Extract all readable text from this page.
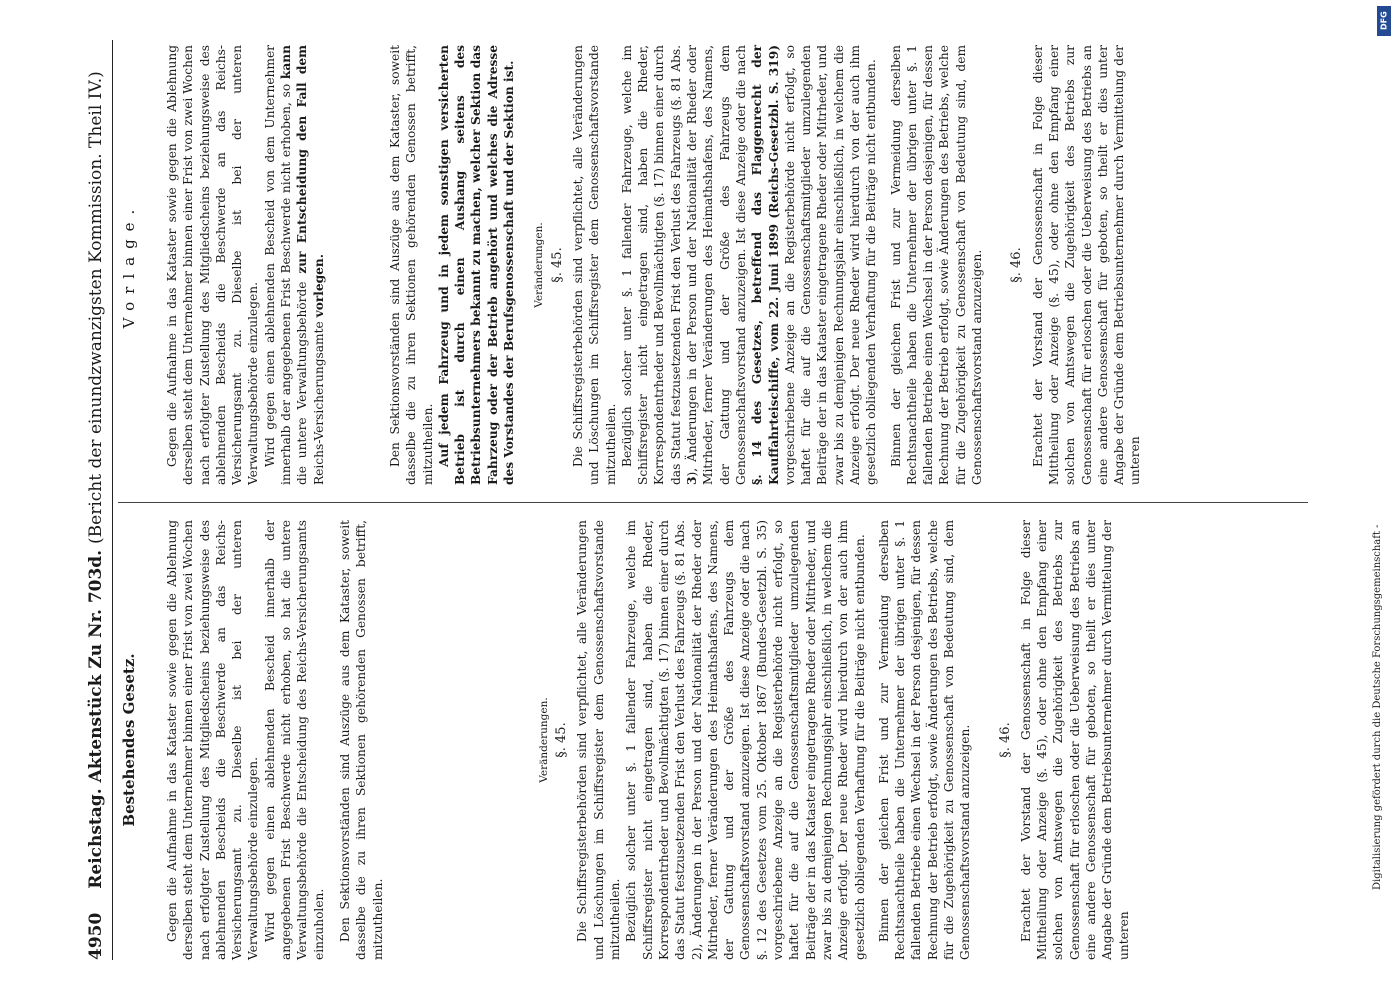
4950 Reichstag. Aktenstück Zu Nr. 703d. (Bericht der einundzwanzigsten Kommission. Theil IV.)
Bestehendes Gesetz. Gegen die Aufnahme in das Kataster sowie gegen die Ablehnung derselben steht dem Unternehmer binnen einer Frist von zwei Wochen nach erfolgter Zustellung des Mitgliedscheins beziehungsweise des ablehnenden Bescheids die Beschwerde an das Reichs-Versicherungsamt zu. Dieselbe ist bei der unteren Verwaltungsbehörde einzulegen. Wird gegen einen ablehnenden Bescheid innerhalb der angegebenen Frist Beschwerde nicht erhoben, so hat die untere Verwaltungsbehörde die Entscheidung des Reichs-Versicherungsamts einzuholen. Den Sektionsvorständen sind Auszüge aus dem Kataster, soweit dasselbe die zu ihren Sektionen gehörenden Genossen betrifft, mitzutheilen.

Veränderungen. §. 45. Die Schiffsregisterbehörden sind verpflichtet, alle Veränderungen und Löschungen im Schiffsregister dem Genossenschaftsvorstande mitzutheilen. Bezüglich solcher unter §. 1 fallender Fahrzeuge, welche im Schiffsregister nicht eingetragen sind, haben die Rheder, Korrespondentrheder und Bevollmächtigten (§. 17) binnen einer durch das Statut festzusetzenden Frist den Verlust des Fahrzeugs (§. 81 Abs. 2), Änderungen in der Person und der Nationalität der Rheder oder Mitrheder, ferner Veränderungen des Heimathshafens, des Namens, der Gattung und der Größe des Fahrzeugs dem Genossenschaftsvorstand anzuzeigen. Ist diese Anzeige oder die nach §. 12 des Gesetzes vom 25. Oktober 1867 (Bundes-Gesetzbl. S. 35) vorgeschriebene Anzeige an die Registerbehörde nicht erfolgt, so haftet für die auf die Genossenschaftsmitglieder umzulegenden Beiträge der in das Kataster eingetragene Rheder oder Mitrheder, und zwar bis zu demjenigen Rechnungsjahr einschließlich, in welchem die Anzeige erfolgt. Der neue Rheder wird hierdurch von der auch ihm gesetzlich obliegenden Verhaftung für die Beiträge nicht entbunden. Binnen der gleichen Frist und zur Vermeidung derselben Rechtsnachtheile haben die Unternehmer der übrigen unter §. 1 fallenden Betriebe einen Wechsel in der Person desjenigen, für dessen Rechnung der Betrieb erfolgt, sowie Änderungen des Betriebs, welche für die Zugehörigkeit zu Genossenschaft von Bedeutung sind, dem Genossenschaftsvorstand anzuzeigen. §. 46. Erachtet der Vorstand der Genossenschaft in Folge dieser Mittheilung oder Anzeige (§. 45), oder ohne den Empfang einer solchen von Amtswegen die Zugehörigkeit des Betriebs zur Genossenschaft für erloschen oder die Ueberweisung des Betriebs an eine andere Genossenschaft für geboten, so theilt er dies unter Angabe der Gründe dem Betriebsunternehmer durch Vermittelung der unteren

Vorlage. Gegen die Aufnahme in das Kataster sowie gegen die Ablehnung derselben steht dem Unternehmer binnen einer Frist von zwei Wochen nach erfolgter Zustellung des Mitgliedscheins beziehungsweise des ablehnenden Bescheids die Beschwerde an das Reichs-Versicherungsamt zu. Dieselbe ist bei der unteren Verwaltungsbehörde einzulegen. Wird gegen einen ablehnenden Bescheid von dem Unternehmer innerhalb der angegebenen Frist Beschwerde nicht erhoben, so kann die untere Verwaltungsbehörde zur Entscheidung den Fall dem Reichs-Versicherungsamte vorlegen.	Den Sektionsvorständen sind Auszüge aus dem Kataster, soweit dasselbe die zu ihren Sektionen gehörenden Genossen betrifft, mitzutheilen. Auf jedem Fahrzeug und in jedem sonstigen versicherten Betrieb ist durch einen Aushang seitens des Betriebsunternehmers bekannt zu machen, welcher Sektion das Fahrzeug oder der Betrieb angehört und welches die Adresse des Vorstandes der Berufsgenossenschaft und der Sektion ist. Veränderungen. §. 45. Die Schiffsregisterbehörden sind verpflichtet, alle Veränderungen und Löschungen im Schiffsregister dem Genossenschaftsvorstande mitzutheilen. Bezüglich solcher unter §. 1 fallender Fahrzeuge, welche im Schiffsregister nicht eingetragen sind, haben die Rheder, Korrespondentrheder und Bevollmächtigten (§. 17) binnen einer durch das Statut festzusetzenden Frist den Verlust des Fahrzeugs (§. 81 Abs. 3), Änderungen in der Person und der Nationalität der Rheder oder Mitrheder, ferner Veränderungen des Heimathshafens, des Namens, der Gattung und der Größe des Fahrzeugs dem Genossenschaftsvorstand anzuzeigen. Ist diese Anzeige oder die nach §. 14 des Gesetzes, betreffend das Flaggenrecht der Kauffahrteischiffe, vom 22. Juni 1899 (Reichs-Gesetzbl. S. 319) vorgeschriebene Anzeige an die Registerbehörde nicht erfolgt, so haftet für die auf die Genossenschaftsmitglieder umzulegenden Beiträge der in das Kataster eingetragene Rheder oder Mitrheder, und zwar bis zu demjenigen Rechnungsjahr einschließlich, in welchem die Anzeige erfolgt. Der neue Rheder wird hierdurch von der auch ihm gesetzlich obliegenden Verhaftung für die Beiträge nicht entbunden. Binnen der gleichen Frist und zur Vermeidung derselben Rechtsnachtheile haben die Unternehmer der übrigen unter §. 1 fallenden Betriebe einen Wechsel in der Person desjenigen, für dessen Rechnung der Betrieb erfolgt, sowie Änderungen des Betriebs, welche für die Zugehörigkeit zu Genossenschaft von Bedeutung sind, dem Genossenschaftsvorstand anzuzeigen. §. 46. Erachtet der Vorstand der Genossenschaft in Folge dieser Mittheilung oder Anzeige (§. 45), oder ohne den Empfang einer solchen von Amtswegen die Zugehörigkeit des Betriebs zur Genossenschaft für erloschen oder die Ueberweisung des Betriebs an eine andere Genossenschaft für geboten, so theilt er dies unter Angabe der Gründe dem Betriebsunternehmer durch Vermittelung der unteren

Digitalisierung gefördert durch die Deutsche Forschungsgemeinschaft -
DFG
